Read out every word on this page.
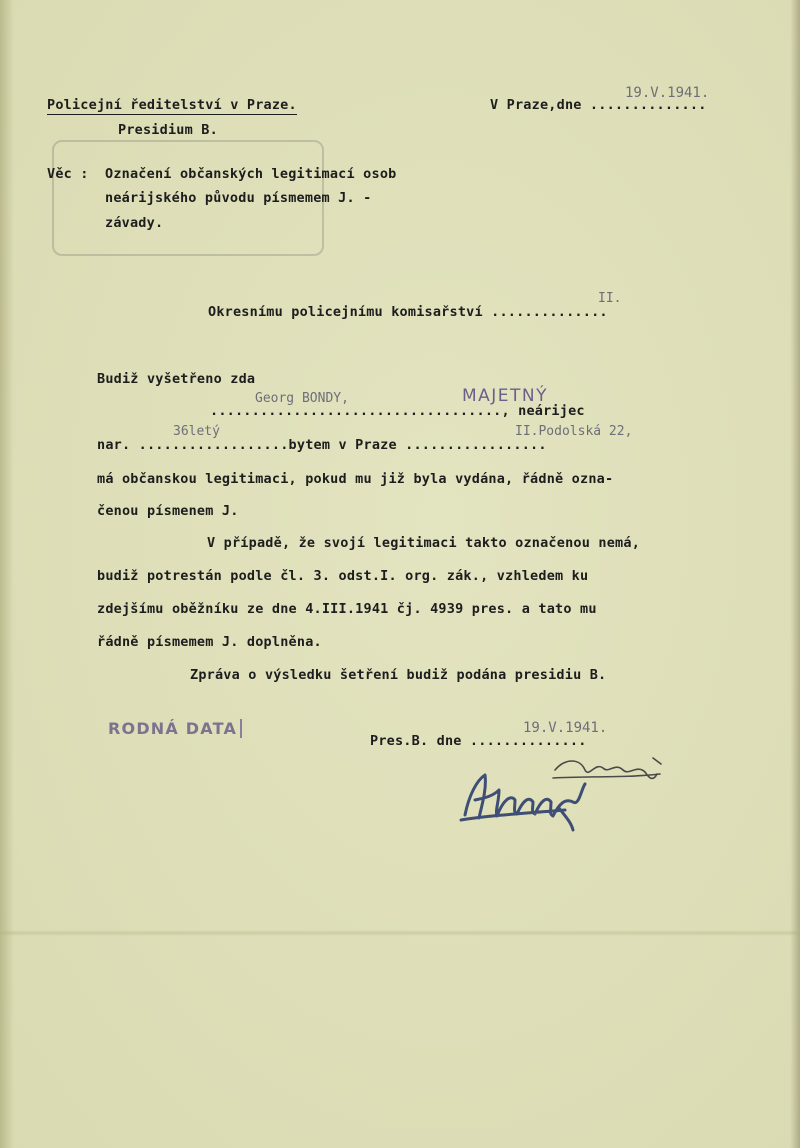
Policejní ředitelství v Praze.
Presidium B.
V Praze,dne ..............
19.V.1941.
Věc : Označení občanských legitimací osob
neárijského původu písmemem J. -
závady.
Okresnímu policejnímu komisařství ..............
II.
Budiž vyšetřeno zda
..................................., neárijec
Georg BONDY,	MAJETNÝ
nar. ..................bytem v Praze .................
36letý	II.Podolská 22,
má občanskou legitimaci, pokud mu již byla vydána, řádně ozna-
čenou písmenem J.
V případě, že svojí legitimaci takto označenou nemá,
budiž potrestán podle čl. 3. odst.I. org. zák., vzhledem ku
zdejšímu oběžníku ze dne 4.III.1941 čj. 4939 pres. a tato mu
řádně písmemem J. doplněna.
Zpráva o výsledku šetření budiž podána presidiu B.
RODNÁ DATA
Pres.B. dne ..............
19.V.1941.
